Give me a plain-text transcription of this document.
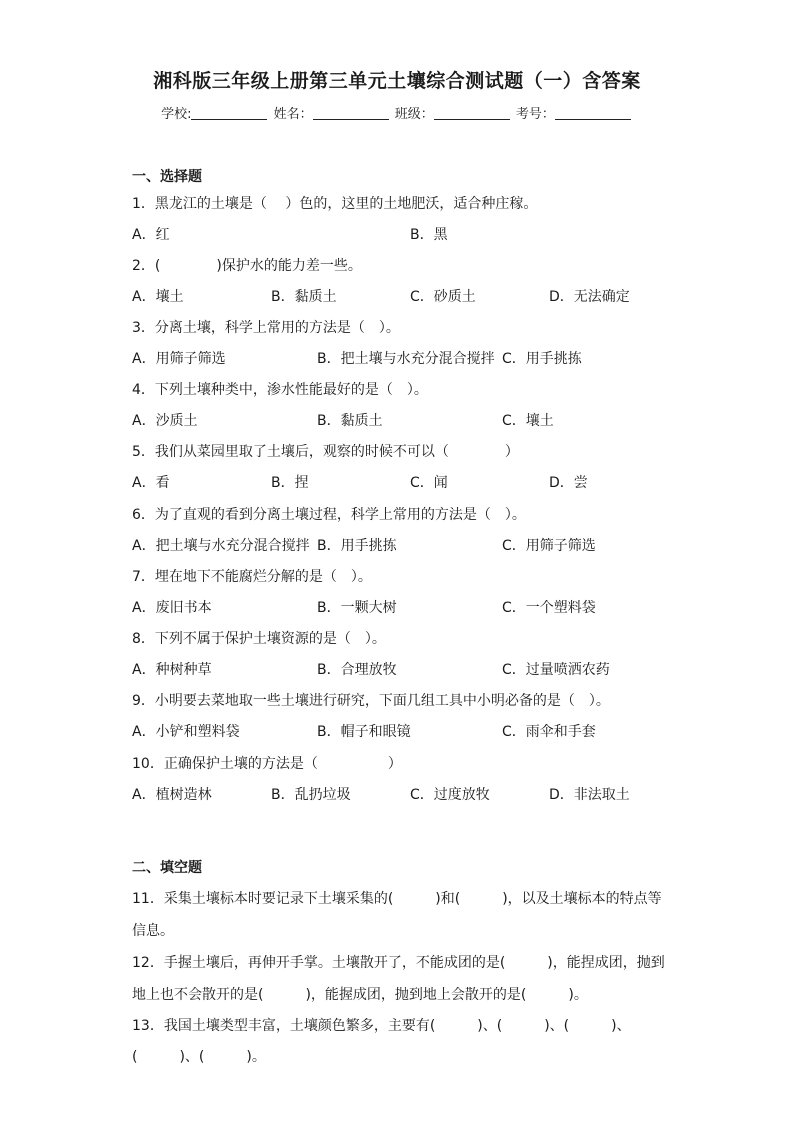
湘科版三年级上册第三单元土壤综合测试题（一）含答案
学校:	姓名：	班级：	考号：
一、选择题
1．黑龙江的土壤是（　 ）色的，这里的土地肥沃，适合种庄稼。
A．红	B．黑
2．(　　　　)保护水的能力差一些。
A．壤土	B．黏质土	C．砂质土	D．无法确定
3．分离土壤，科学上常用的方法是（　）。
A．用筛子筛选	B．把土壤与水充分混合搅拌 C．用手挑拣
4．下列土壤种类中，渗水性能最好的是（　）。
A．沙质土	B．黏质土	C．壤土
5．我们从菜园里取了土壤后，观察的时候不可以（　　　　）
A．看	B．捏	C．闻	D．尝
6．为了直观的看到分离土壤过程，科学上常用的方法是（　）。
A．把土壤与水充分混合搅拌 B．用手挑拣	C．用筛子筛选
7．埋在地下不能腐烂分解的是（　）。
A．废旧书本	B．一颗大树	C．一个塑料袋
8．下列不属于保护土壤资源的是（　）。
A．种树种草	B．合理放牧	C．过量喷洒农药
9．小明要去菜地取一些土壤进行研究，下面几组工具中小明必备的是（　）。
A．小铲和塑料袋	B．帽子和眼镜	C．雨伞和手套
10．正确保护土壤的方法是（　　　　　）
A．植树造林	B．乱扔垃圾	C．过度放牧	D．非法取土
二、填空题
11．采集土壤标本时要记录下土壤采集的(　　　)和(　　　)，以及土壤标本的特点等
信息。
12．手握土壤后，再伸开手掌。土壤散开了，不能成团的是(　　　)，能捏成团，抛到
地上也不会散开的是(　　　)，能握成团，抛到地上会散开的是(　　　)。
13．我国土壤类型丰富，土壤颜色繁多，主要有(　　　)、(　　　)、(　　　)、
(　　　)、(　　　)。
